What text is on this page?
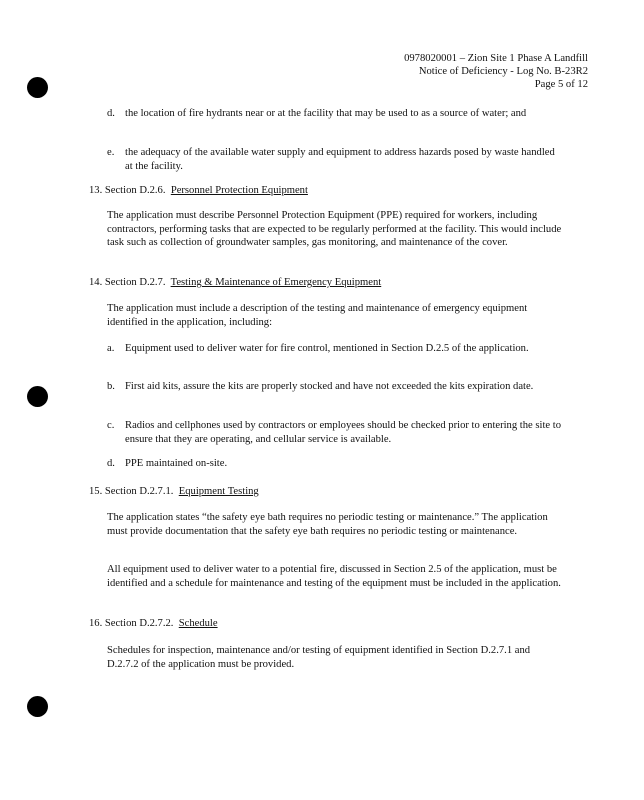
0978020001 – Zion Site 1 Phase A Landfill
Notice of Deficiency - Log No. B-23R2
Page 5 of 12
d. the location of fire hydrants near or at the facility that may be used to as a source of water; and
e. the adequacy of the available water supply and equipment to address hazards posed by waste handled at the facility.
13. Section D.2.6. Personnel Protection Equipment
The application must describe Personnel Protection Equipment (PPE) required for workers, including contractors, performing tasks that are expected to be regularly performed at the facility. This would include task such as collection of groundwater samples, gas monitoring, and maintenance of the cover.
14. Section D.2.7. Testing & Maintenance of Emergency Equipment
The application must include a description of the testing and maintenance of emergency equipment identified in the application, including:
a. Equipment used to deliver water for fire control, mentioned in Section D.2.5 of the application.
b. First aid kits, assure the kits are properly stocked and have not exceeded the kits expiration date.
c. Radios and cellphones used by contractors or employees should be checked prior to entering the site to ensure that they are operating, and cellular service is available.
d. PPE maintained on-site.
15. Section D.2.7.1. Equipment Testing
The application states “the safety eye bath requires no periodic testing or maintenance.” The application must provide documentation that the safety eye bath requires no periodic testing or maintenance.
All equipment used to deliver water to a potential fire, discussed in Section 2.5 of the application, must be identified and a schedule for maintenance and testing of the equipment must be included in the application.
16. Section D.2.7.2. Schedule
Schedules for inspection, maintenance and/or testing of equipment identified in Section D.2.7.1 and D.2.7.2 of the application must be provided.
